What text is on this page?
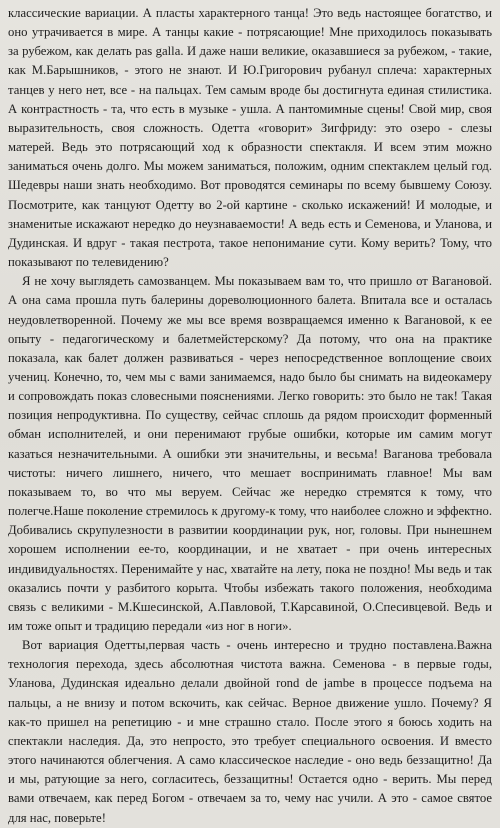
классические вариации. А пласты характерного танца! Это ведь настоящее богатство, и оно утрачивается в мире. А танцы какие - потрясающие! Мне приходилось показывать за рубежом, как делать pas galla. И даже наши великие, оказавшиеся за рубежом, - такие, как М.Барышников, - этого не знают. И Ю.Григорович рубанул сплеча: характерных танцев у него нет, все - на пальцах. Тем самым вроде бы достигнута единая стилистика. А контрастность - та, что есть в музыке - ушла. А пантомимные сцены! Свой мир, своя выразительность, своя сложность. Одетта «говорит» Зигфриду: это озеро - слезы матерей. Ведь это потрясающий ход к образности спектакля. И всем этим можно заниматься очень долго. Мы можем заниматься, положим, одним спектаклем целый год. Шедевры наши знать необходимо. Вот проводятся семинары по всему бывшему Союзу. Посмотрите, как танцуют Одетту во 2-ой картине - сколько искажений! И молодые, и знаменитые искажают нередко до неузнаваемости! А ведь есть и Семенова, и Уланова, и Дудинская. И вдруг - такая пестрота, такое непонимание сути. Кому верить? Тому, что показывают по телевидению?

Я не хочу выглядеть самозванцем. Мы показываем вам то, что пришло от Вагановой. А она сама прошла путь балерины дореволюционного балета. Впитала все и осталась неудовлетворенной. Почему же мы все время возвращаемся именно к Вагановой, к ее опыту - педагогическому и балетмейстерскому? Да потому, что она на практике показала, как балет должен развиваться - через непосредственное воплощение своих учениц. Конечно, то, чем мы с вами занимаемся, надо было бы снимать на видеокамеру и сопровождать показ словесными пояснениями. Легко говорить: это было не так! Такая позиция непродуктивна. По существу, сейчас сплошь да рядом происходит форменный обман исполнителей, и они перенимают грубые ошибки, которые им самим могут казаться незначительными. А ошибки эти значительны, и весьма! Ваганова требовала чистоты: ничего лишнего, ничего, что мешает воспринимать главное! Мы вам показываем то, во что мы веруем. Сейчас же нередко стремятся к тому, что полегче.Наше поколение стремилось к другому-к тому, что наиболее сложно и эффектно. Добивались скрупулезности в развитии координации рук, ног, головы. При нынешнем хорошем исполнении ее-то, координации, и не хватает - при очень интересных индивидуальностях. Перенимайте у нас, хватайте на лету, пока не поздно! Мы ведь и так оказались почти у разбитого корыта. Чтобы избежать такого положения, необходима связь с великими - М.Кшесинской, А.Павловой, Т.Карсавиной, О.Спесивцевой. Ведь и им тоже опыт и традицию передали «из ног в ноги».

Вот вариация Одетты,первая часть - очень интересно и трудно поставлена.Важна технология перехода, здесь абсолютная чистота важна. Семенова - в первые годы, Уланова, Дудинская идеально делали двойной rond de jambe в процессе подъема на пальцы, а не внизу и потом вскочить, как сейчас. Верное движение ушло. Почему? Я как-то пришел на репетицию - и мне страшно стало. После этого я боюсь ходить на спектакли наследия. Да, это непросто, это требует специального освоения. И вместо этого начинаются облегчения. А само классическое наследие - оно ведь беззащитно! Да и мы, ратующие за него, согласитесь, беззащитны! Остается одно - верить. Мы перед вами отвечаем, как перед Богом - отвечаем за то, чему нас учили. А это - самое святое для нас, поверьте!
